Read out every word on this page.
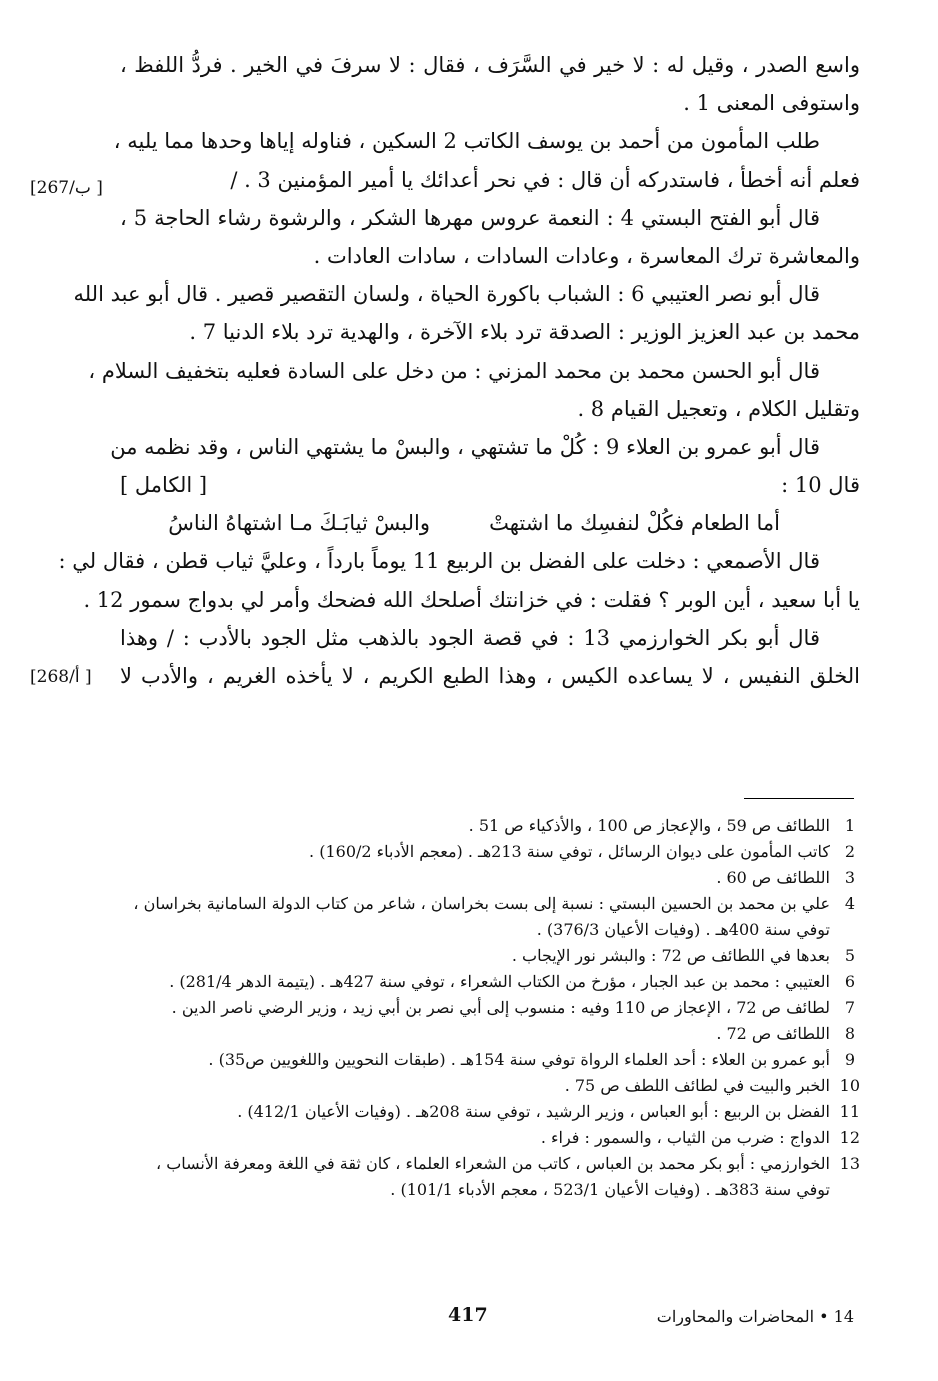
واسع الصدر ، وقيل له : لا خير في السَّرَف ، فقال : لا سرفَ في الخير . فردُّ اللفظ ،
واستوفى المعنى 1 .
طلب المأمون من أحمد بن يوسف الكاتب 2 السكين ، فناوله إياها وحدها مما يليه ،
فعلم أنه أخطأ ، فاستدركه أن قال : في نحر أعدائك يا أمير المؤمنين 3 . /
قال أبو الفتح البستي 4 : النعمة عروس مهرها الشكر ، والرشوة رشاء الحاجة 5 ،
والمعاشرة ترك المعاسرة ، وعادات السادات ، سادات العادات .
قال أبو نصر العتيبي 6 : الشباب باكورة الحياة ، ولسان التقصير قصير . قال أبو عبد الله
محمد بن عبد العزيز الوزير : الصدقة ترد بلاء الآخرة ، والهدية ترد بلاء الدنيا 7 .
قال أبو الحسن محمد بن محمد المزني : من دخل على السادة فعليه بتخفيف السلام ،
وتقليل الكلام ، وتعجيل القيام 8 .
قال أبو عمرو بن العلاء 9 : كُلْ ما تشتهي ، والبسْ ما يشتهي الناس ، وقد نظمه من
قال 10 :
[ الكامل ]
أما الطعام فكُلْ لنفسِك ما اشتهتْ
والبسْ ثيابَـكَ مـا اشتهاهُ الناسُ
قال الأصمعي : دخلت على الفضل بن الربيع 11 يوماً بارداً ، وعليَّ ثياب قطن ، فقال لي :
يا أبا سعيد ، أين الوبر ؟ فقلت : في خزانتك أصلحك الله فضحك وأمر لي بدواج سمور 12 .
قال أبو بكر الخوارزمي 13 : في قصة الجود بالذهب مثل الجود بالأدب : / وهذا
الخلق النفيس ، لا يساعده الكيس ، وهذا الطبع الكريم ، لا يأخذه الغريم ، والأدب لا
[267/ب ]
[268/أ ]
1
اللطائف ص 59 ، والإعجاز ص 100 ، والأذكياء ص 51 .
2
كاتب المأمون على ديوان الرسائل ، توفي سنة 213هـ . (معجم الأدباء 160/2) .
3
اللطائف ص 60 .
4
علي بن محمد بن الحسين البستي : نسبة إلى بست بخراسان ، شاعر من كتاب الدولة السامانية بخراسان ،
توفي سنة 400هـ . (وفيات الأعيان 376/3) .
5
بعدها في اللطائف ص 72 : والبشر نور الإيجاب .
6
العتيبي : محمد بن عبد الجبار ، مؤرخ من الكتاب الشعراء ، توفي سنة 427هـ . (يتيمة الدهر 281/4) .
7
لطائف ص 72 ، الإعجاز ص 110 وفيه : منسوب إلى أبي نصر بن أبي زيد ، وزير الرضي ناصر الدين .
8
اللطائف ص 72 .
9
أبو عمرو بن العلاء : أحد العلماء الرواة توفي سنة 154هـ . (طبقات النحويين واللغويين ص35) .
10
الخبر والبيت في لطائف اللطف ص 75 .
11
الفضل بن الربيع : أبو العباس ، وزير الرشيد ، توفي سنة 208هـ . (وفيات الأعيان 412/1) .
12
الدواج : ضرب من الثياب ، والسمور : فراء .
13
الخوارزمي : أبو بكر محمد بن العباس ، كاتب من الشعراء العلماء ، كان ثقة في اللغة ومعرفة الأنساب ،
توفي سنة 383هـ . (وفيات الأعيان 523/1 ، معجم الأدباء 101/1) .
417	14 • المحاضرات والمحاورات
